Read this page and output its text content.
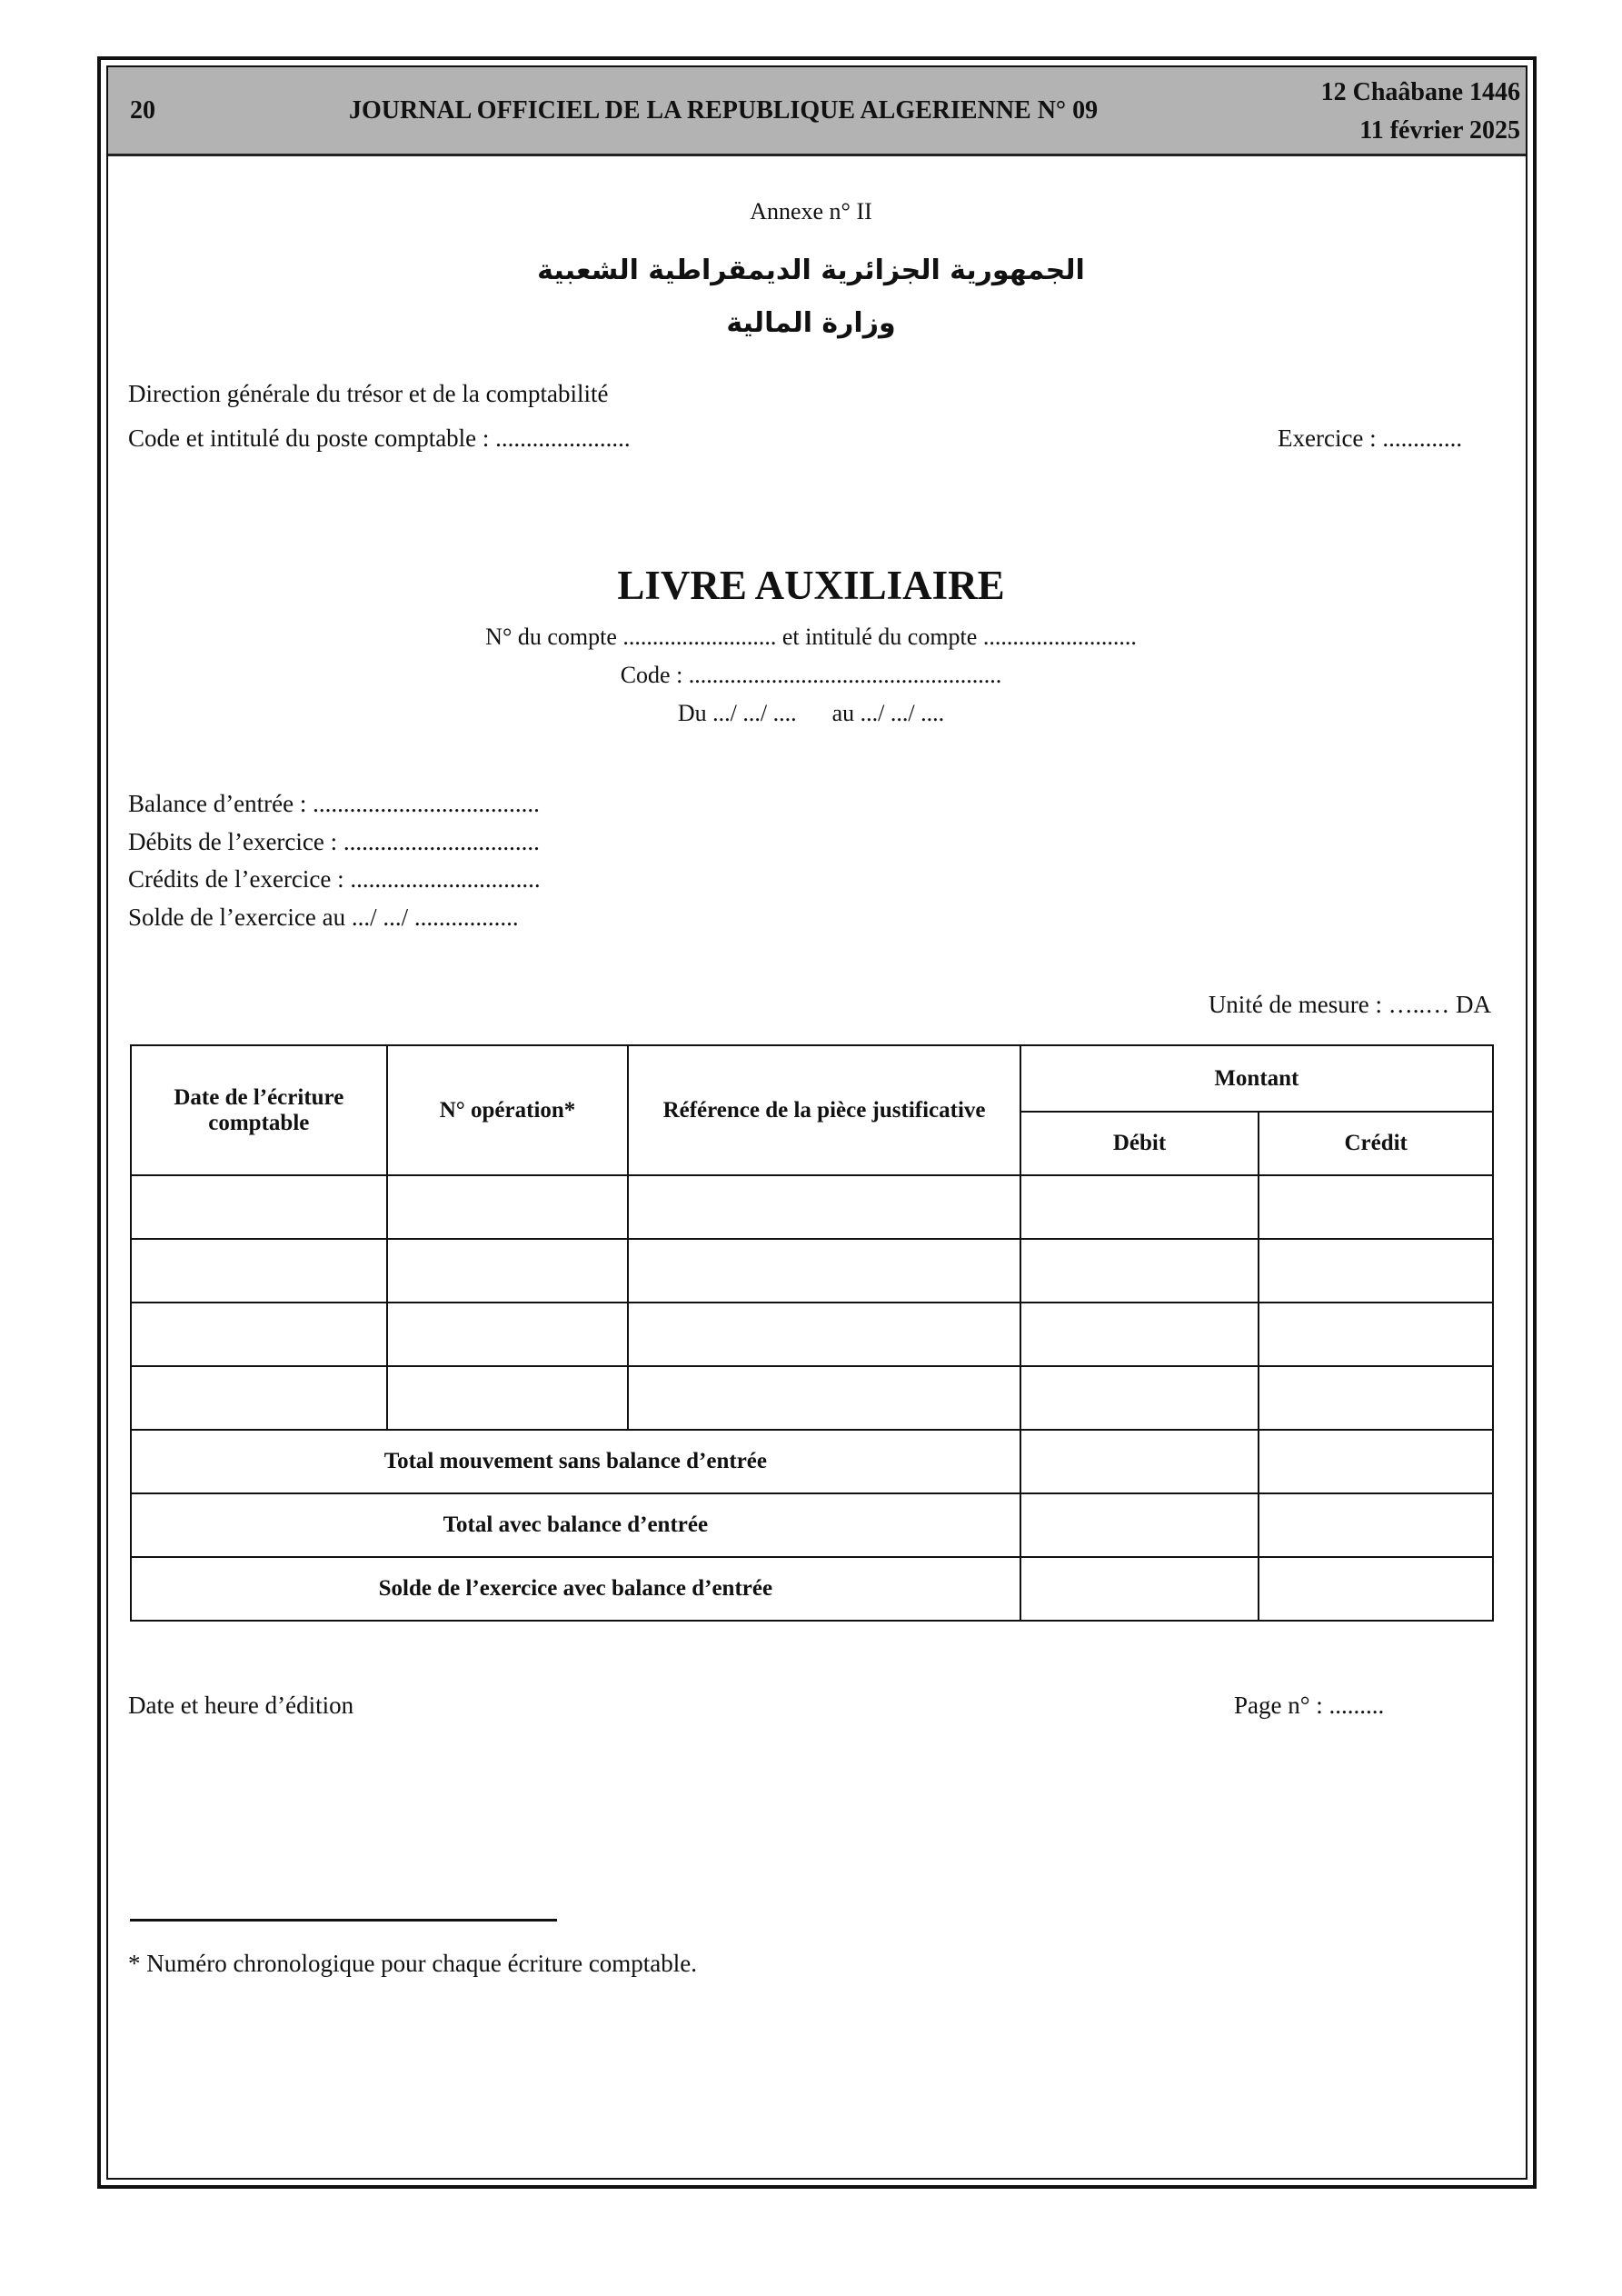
20	JOURNAL OFFICIEL DE LA REPUBLIQUE ALGERIENNE N° 09
12 Chaâbane 1446
11 février 2025
Annexe n° II
الجمهورية الجزائرية الديمقراطية الشعبية
وزارة المالية
Direction générale du trésor et de la comptabilité
Code et intitulé du poste comptable : ......................	Exercice : .............
LIVRE AUXILIAIRE
N° du compte .......................... et intitulé du compte ..........................
Code : .....................................................
Du .../ .../ ....      au .../ .../ ....
Balance d’entrée : .....................................
Débits de l’exercice : ................................
Crédits de l’exercice : ...............................
Solde de l’exercice au .../ .../ .................
Unité de mesure : …..… DA
Date de l’écriture comptable	N° opération*	Référence de la pièce justificative	Montant	
			Débit	Crédit

Total mouvement sans balance d’entrée				
Total avec balance d’entrée				
Solde de l’exercice avec balance d’entrée				
Date et heure d’édition	Page n° : .........
* Numéro chronologique pour chaque écriture comptable.
